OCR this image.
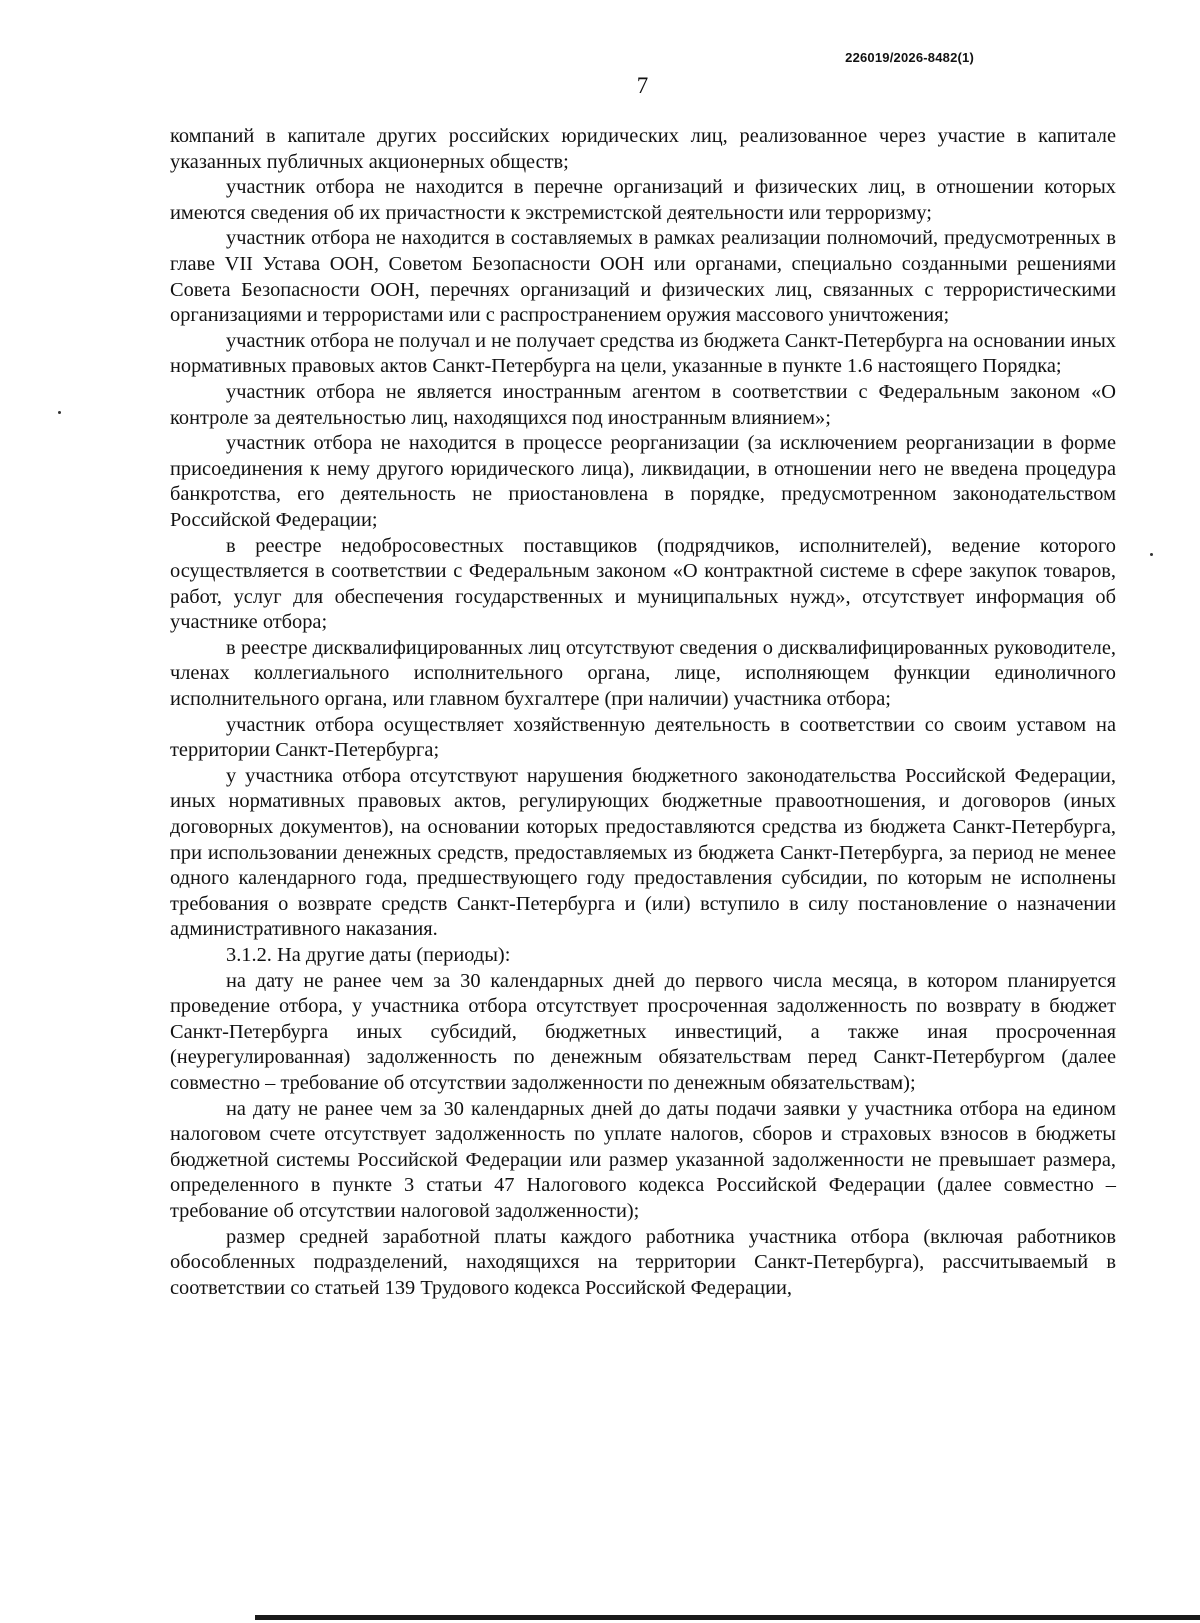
226019/2026-8482(1)
7

компаний в капитале других российских юридических лиц, реализованное через участие в капитале указанных публичных акционерных обществ;

участник отбора не находится в перечне организаций и физических лиц, в отношении которых имеются сведения об их причастности к экстремистской деятельности или терроризму;

участник отбора не находится в составляемых в рамках реализации полномочий, предусмотренных в главе VII Устава ООН, Советом Безопасности ООН или органами, специально созданными решениями Совета Безопасности ООН, перечнях организаций и физических лиц, связанных с террористическими организациями и террористами или с распространением оружия массового уничтожения;

участник отбора не получал и не получает средства из бюджета Санкт-Петербурга на основании иных нормативных правовых актов Санкт-Петербурга на цели, указанные в пункте 1.6 настоящего Порядка;

участник отбора не является иностранным агентом в соответствии с Федеральным законом «О контроле за деятельностью лиц, находящихся под иностранным влиянием»;

участник отбора не находится в процессе реорганизации (за исключением реорганизации в форме присоединения к нему другого юридического лица), ликвидации, в отношении него не введена процедура банкротства, его деятельность не приостановлена в порядке, предусмотренном законодательством Российской Федерации;

в реестре недобросовестных поставщиков (подрядчиков, исполнителей), ведение которого осуществляется в соответствии с Федеральным законом «О контрактной системе в сфере закупок товаров, работ, услуг для обеспечения государственных и муниципальных нужд», отсутствует информация об участнике отбора;

в реестре дисквалифицированных лиц отсутствуют сведения о дисквалифицированных руководителе, членах коллегиального исполнительного органа, лице, исполняющем функции единоличного исполнительного органа, или главном бухгалтере (при наличии) участника отбора;

участник отбора осуществляет хозяйственную деятельность в соответствии со своим уставом на территории Санкт-Петербурга;

у участника отбора отсутствуют нарушения бюджетного законодательства Российской Федерации, иных нормативных правовых актов, регулирующих бюджетные правоотношения, и договоров (иных договорных документов), на основании которых предоставляются средства из бюджета Санкт-Петербурга, при использовании денежных средств, предоставляемых из бюджета Санкт-Петербурга, за период не менее одного календарного года, предшествующего году предоставления субсидии, по которым не исполнены требования о возврате средств Санкт-Петербурга и (или) вступило в силу постановление о назначении административного наказания.

3.1.2. На другие даты (периоды):

на дату не ранее чем за 30 календарных дней до первого числа месяца, в котором планируется проведение отбора, у участника отбора отсутствует просроченная задолженность по возврату в бюджет Санкт-Петербурга иных субсидий, бюджетных инвестиций, а также иная просроченная (неурегулированная) задолженность по денежным обязательствам перед Санкт-Петербургом (далее совместно – требование об отсутствии задолженности по денежным обязательствам);

на дату не ранее чем за 30 календарных дней до даты подачи заявки у участника отбора на едином налоговом счете отсутствует задолженность по уплате налогов, сборов и страховых взносов в бюджеты бюджетной системы Российской Федерации или размер указанной задолженности не превышает размера, определенного в пункте 3 статьи 47 Налогового кодекса Российской Федерации (далее совместно – требование об отсутствии налоговой задолженности);

размер средней заработной платы каждого работника участника отбора (включая работников обособленных подразделений, находящихся на территории Санкт-Петербурга), рассчитываемый в соответствии со статьей 139 Трудового кодекса Российской Федерации,
